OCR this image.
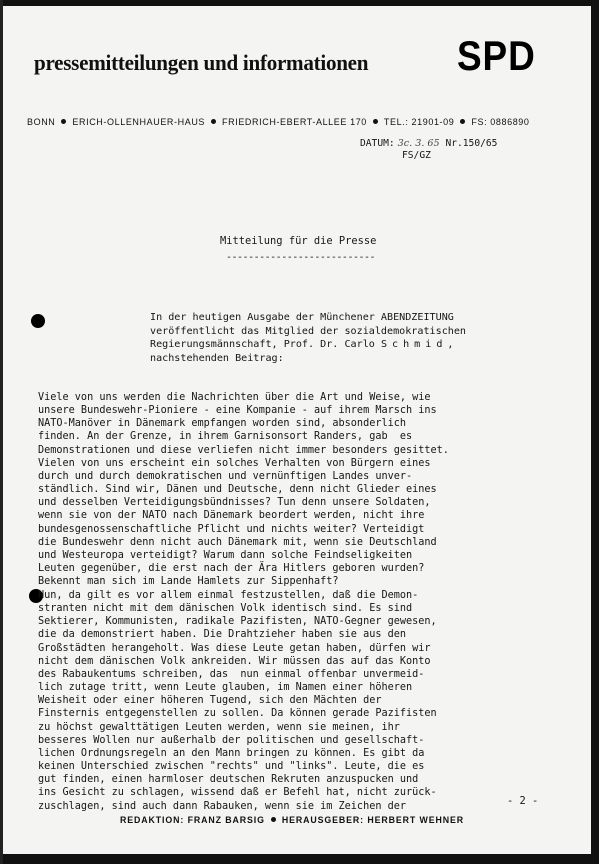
pressemitteilungen und informationen SPD
BONN ERICH-OLLENHAUER-HAUS FRIEDRICH-EBERT-ALLEE 170 TEL.: 21901-09 FS: 0886890
DATUM: 3c. 3. 65 Nr.150/65
FS/GZ
Mitteilung für die Presse
---------------------------
In der heutigen Ausgabe der Münchener ABENDZEITUNG
veröffentlicht das Mitglied der sozialdemokratischen
Regierungsmännschaft, Prof. Dr. Carlo Schmid,
nachstehenden Beitrag:
Viele von uns werden die Nachrichten über die Art und Weise, wie
unsere Bundeswehr-Pioniere - eine Kompanie - auf ihrem Marsch ins
NATO-Manöver in Dänemark empfangen worden sind, absonderlich
finden. An der Grenze, in ihrem Garnisonsort Randers, gab  es
Demonstrationen und diese verliefen nicht immer besonders gesittet.
Vielen von uns erscheint ein solches Verhalten von Bürgern eines
durch und durch demokratischen und vernünftigen Landes unver-
ständlich. Sind wir, Dänen und Deutsche, denn nicht Glieder eines
und desselben Verteidigungsbündnisses? Tun denn unsere Soldaten,
wenn sie von der NATO nach Dänemark beordert werden, nicht ihre
bundesgenossenschaftliche Pflicht und nichts weiter? Verteidigt
die Bundeswehr denn nicht auch Dänemark mit, wenn sie Deutschland
und Westeuropa verteidigt? Warum dann solche Feindseligkeiten
Leuten gegenüber, die erst nach der Ära Hitlers geboren wurden?
Bekennt man sich im Lande Hamlets zur Sippenhaft?
Nun, da gilt es vor allem einmal festzustellen, daß die Demon-
stranten nicht mit dem dänischen Volk identisch sind. Es sind
Sektierer, Kommunisten, radikale Pazifisten, NATO-Gegner gewesen,
die da demonstriert haben. Die Drahtzieher haben sie aus den
Großstädten herangeholt. Was diese Leute getan haben, dürfen wir
nicht dem dänischen Volk ankreiden. Wir müssen das auf das Konto
des Rabaukentums schreiben, das  nun einmal offenbar unvermeid-
lich zutage tritt, wenn Leute glauben, im Namen einer höheren
Weisheit oder einer höheren Tugend, sich den Mächten der
Finsternis entgegenstellen zu sollen. Da können gerade Pazifisten
zu höchst gewalttätigen Leuten werden, wenn sie meinen, ihr
besseres Wollen nur außerhalb der politischen und gesellschaft-
lichen Ordnungsregeln an den Mann bringen zu können. Es gibt da
keinen Unterschied zwischen "rechts" und "links". Leute, die es
gut finden, einen harmloser deutschen Rekruten anzuspucken und
ins Gesicht zu schlagen, wissend daß er Befehl hat, nicht zurück-
zuschlagen, sind auch dann Rabauken, wenn sie im Zeichen der	- 2 -
REDAKTION: FRANZ BARSIG HERAUSGEBER: HERBERT WEHNER
